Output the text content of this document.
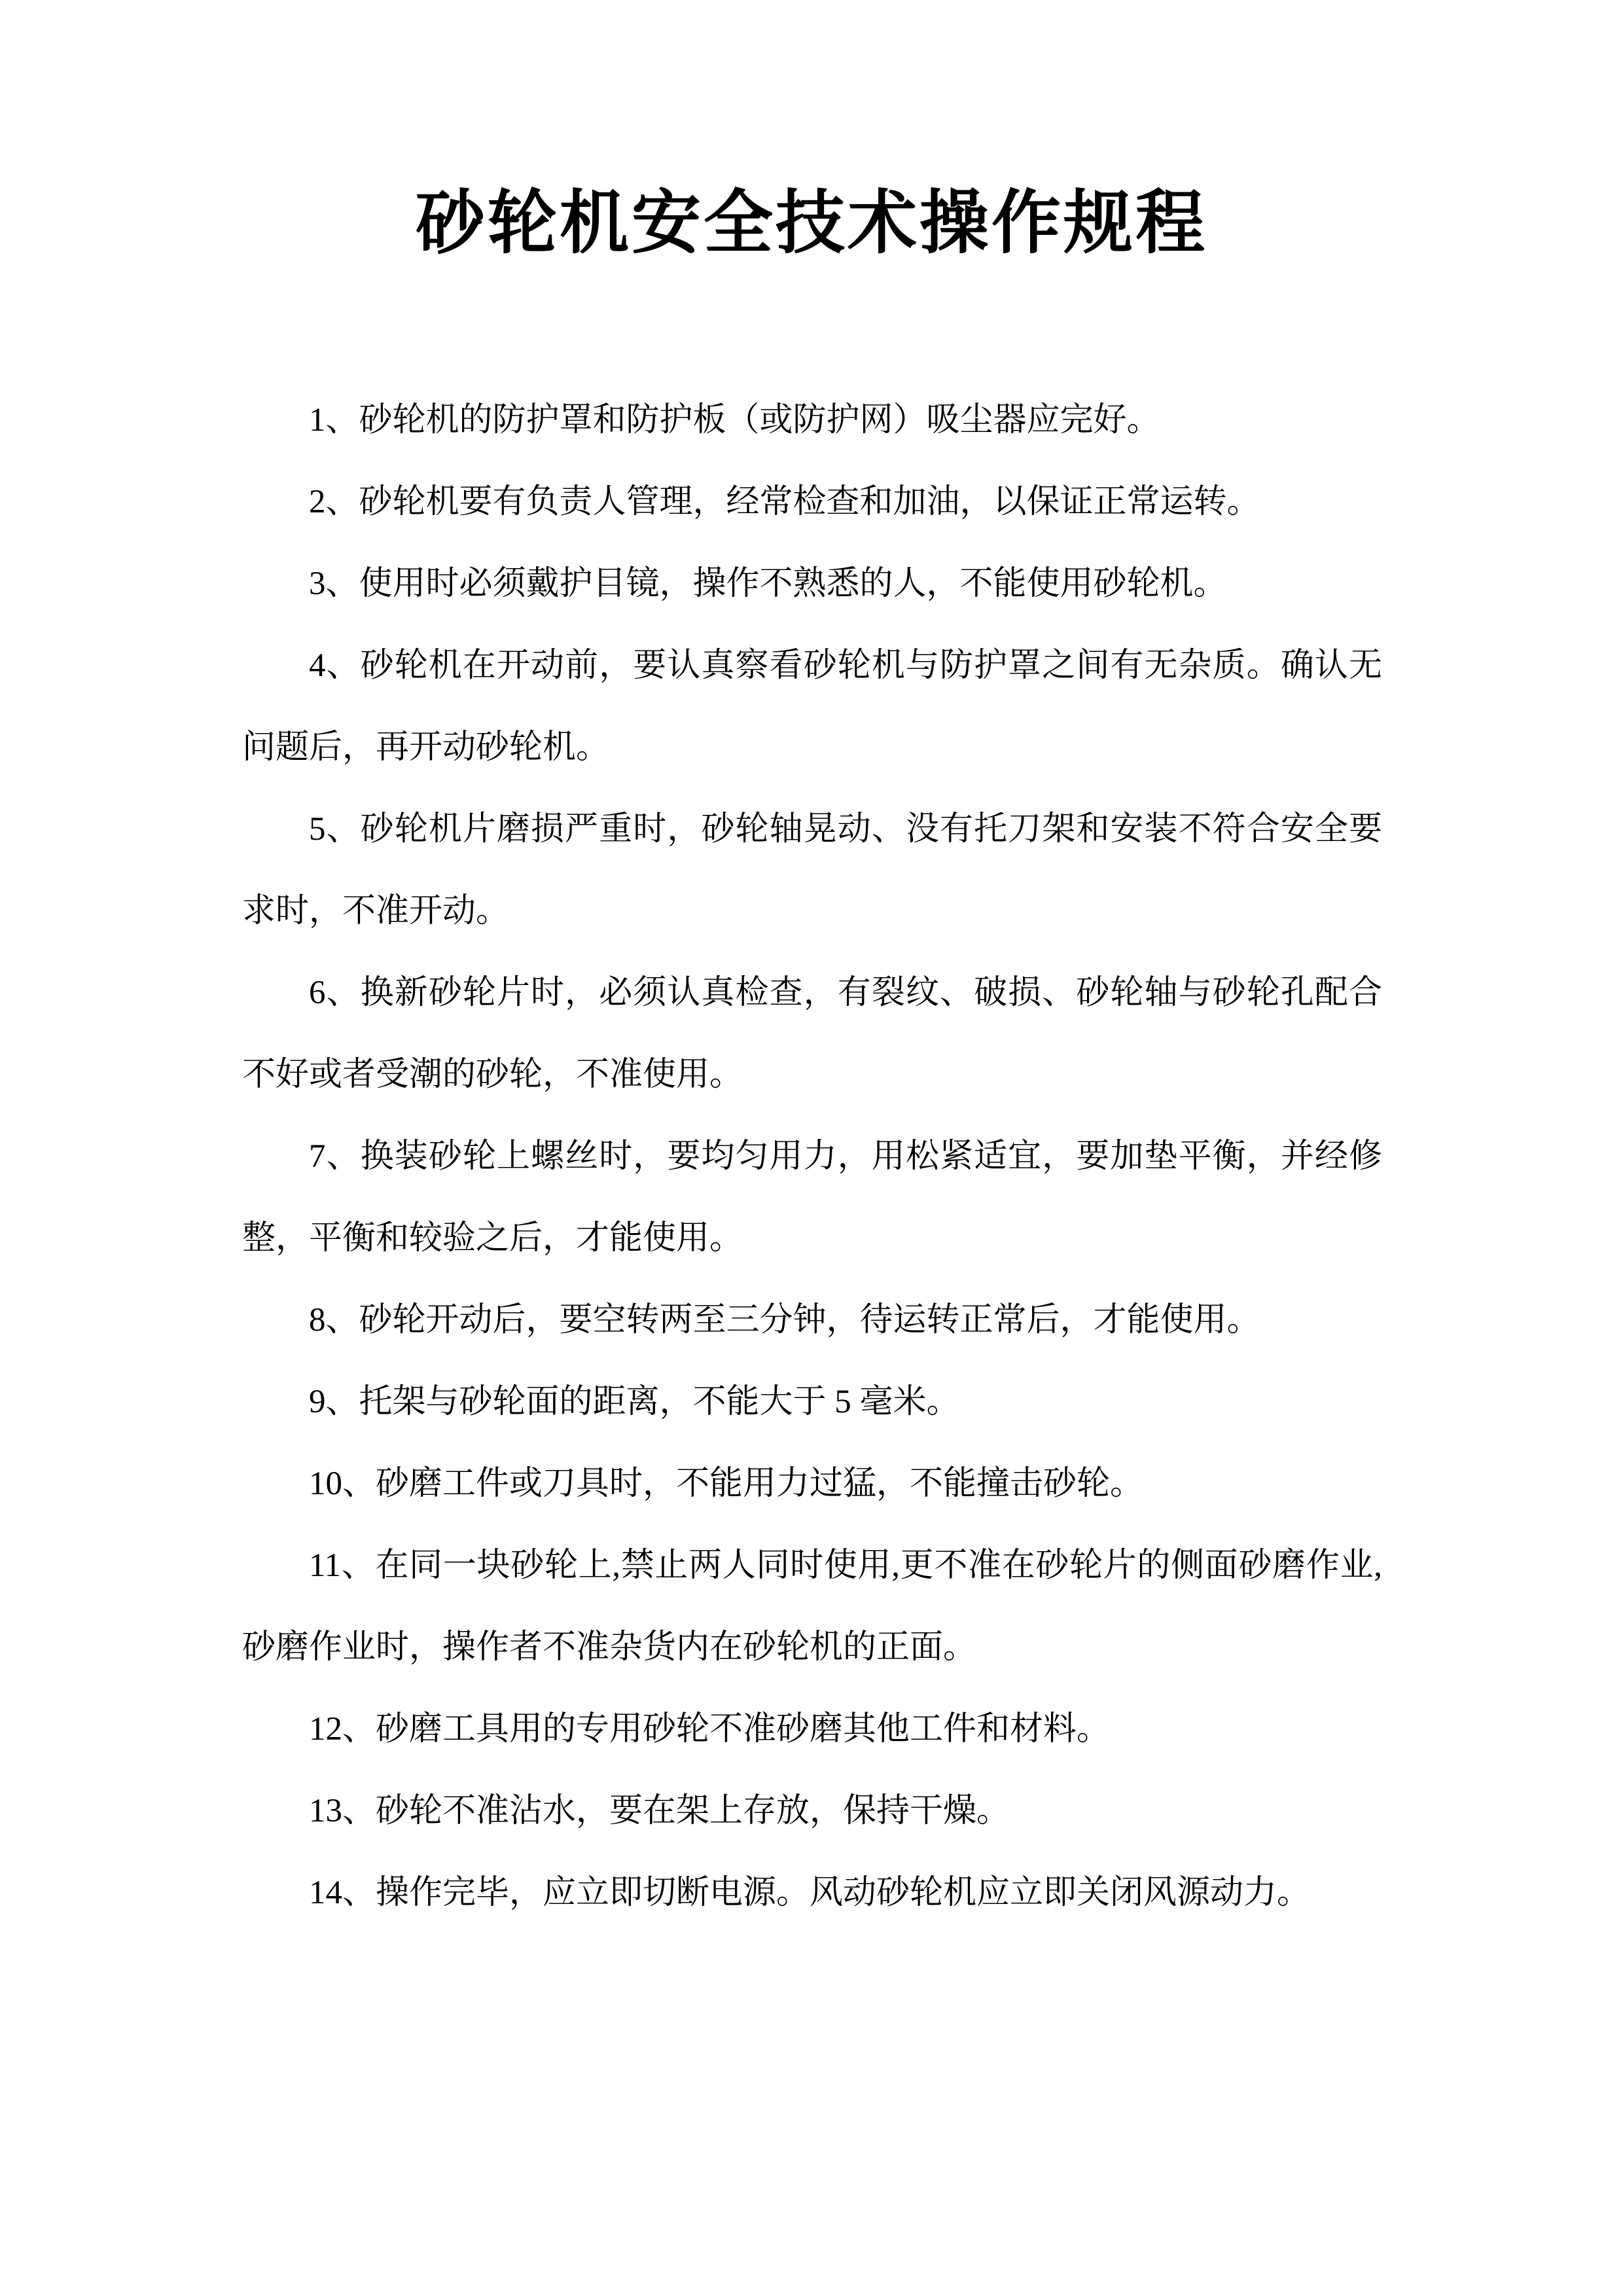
砂轮机安全技术操作规程

1、砂轮机的防护罩和防护板（或防护网）吸尘器应完好。

2、砂轮机要有负责人管理，经常检查和加油，以保证正常运转。

3、使用时必须戴护目镜，操作不熟悉的人，不能使用砂轮机。

4、砂轮机在开动前，要认真察看砂轮机与防护罩之间有无杂质。确认无问题后，再开动砂轮机。

5、砂轮机片磨损严重时，砂轮轴晃动、没有托刀架和安装不符合安全要求时，不准开动。

6、换新砂轮片时，必须认真检查，有裂纹、破损、砂轮轴与砂轮孔配合不好或者受潮的砂轮，不准使用。

7、换装砂轮上螺丝时，要均匀用力，用松紧适宜，要加垫平衡，并经修整，平衡和较验之后，才能使用。

8、砂轮开动后，要空转两至三分钟，待运转正常后，才能使用。

9、托架与砂轮面的距离，不能大于 5 毫米。

10、砂磨工件或刀具时，不能用力过猛，不能撞击砂轮。

11、在同一块砂轮上,禁止两人同时使用,更不准在砂轮片的侧面砂磨作业,砂磨作业时，操作者不准杂货内在砂轮机的正面。

12、砂磨工具用的专用砂轮不准砂磨其他工件和材料。

13、砂轮不准沾水，要在架上存放，保持干燥。

14、操作完毕，应立即切断电源。风动砂轮机应立即关闭风源动力。
